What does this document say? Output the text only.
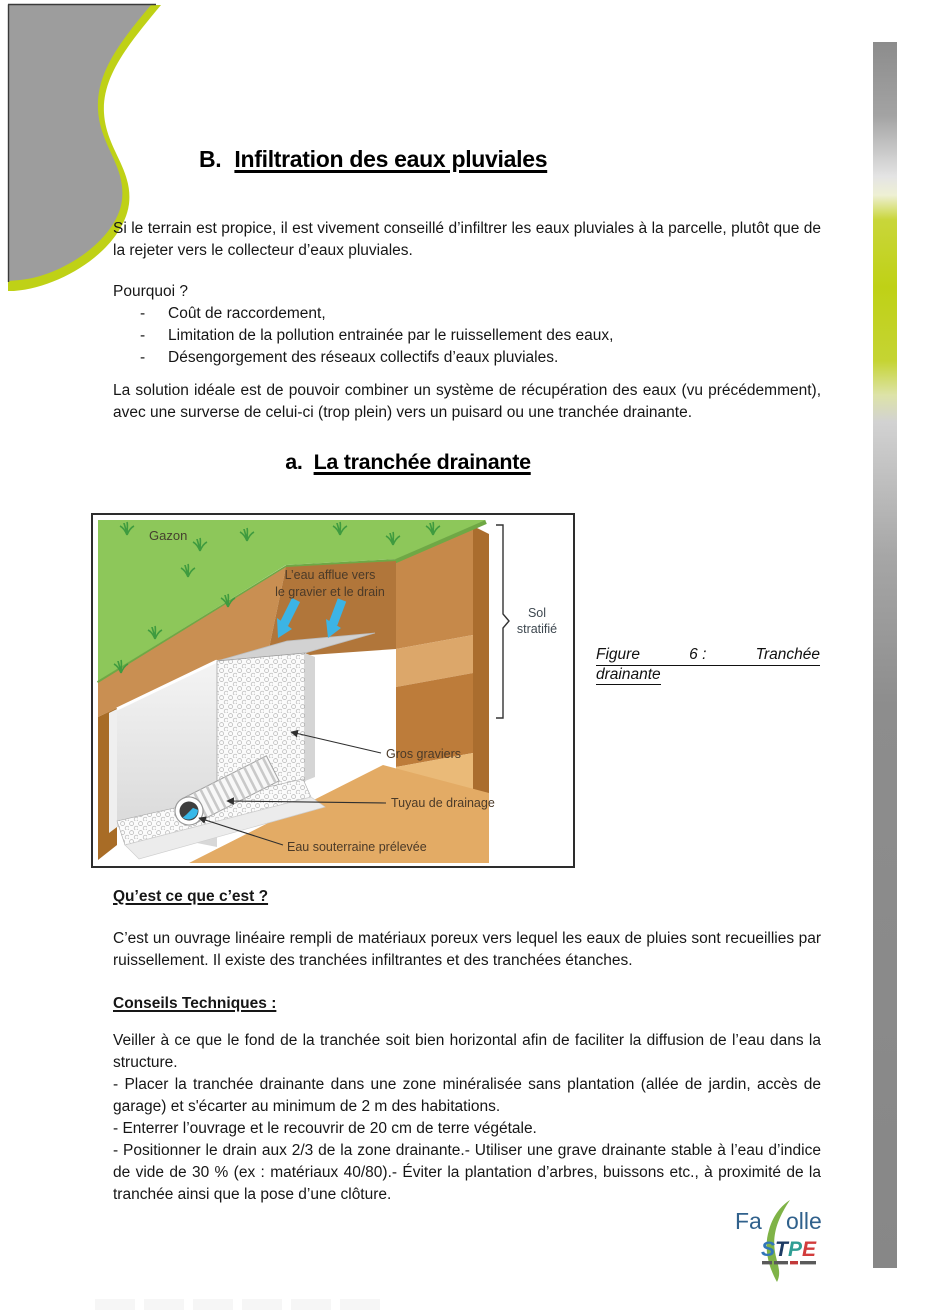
B. Infiltration des eaux pluviales
Si le terrain est propice, il est vivement conseillé d’infiltrer les eaux pluviales à la parcelle, plutôt que de la rejeter vers le collecteur d’eaux pluviales.
Pourquoi ?
- Coût de raccordement,
- Limitation de la pollution entrainée par le ruissellement des eaux,
- Désengorgement des réseaux collectifs d’eaux pluviales.
La solution idéale est de pouvoir combiner un système de récupération des eaux (vu précédemment), avec une surverse de celui-ci (trop plein) vers un puisard ou une tranchée drainante.
a. La tranchée drainante
Gazon
L’eau afflue vers
le gravier et le drain
Sol
stratifié
Gros graviers
Tuyau de drainage
Eau souterraine prélevée
Figure	6 :	Tranchée
drainante
Qu’est ce que c’est ?
C’est un ouvrage linéaire rempli de matériaux poreux vers lequel les eaux de pluies sont recueillies par ruissellement. Il existe des tranchées infiltrantes et des tranchées étanches.
Conseils Techniques :
Veiller à ce que le fond de la tranchée soit bien horizontal afin de faciliter la diffusion de l’eau dans la structure.
- Placer la tranchée drainante dans une zone minéralisée sans plantation (allée de jardin, accès de garage) et s'écarter au minimum de 2 m des habitations.
- Enterrer l’ouvrage et le recouvrir de 20 cm de terre végétale.
- Positionner le drain aux 2/3 de la zone drainante.- Utiliser une grave drainante stable à l’eau d’indice de vide de 30 % (ex : matériaux 40/80).- Éviter la plantation d’arbres, buissons etc., à proximité de la tranchée ainsi que la pose d’une clôture.
Fa olle
S T P E
